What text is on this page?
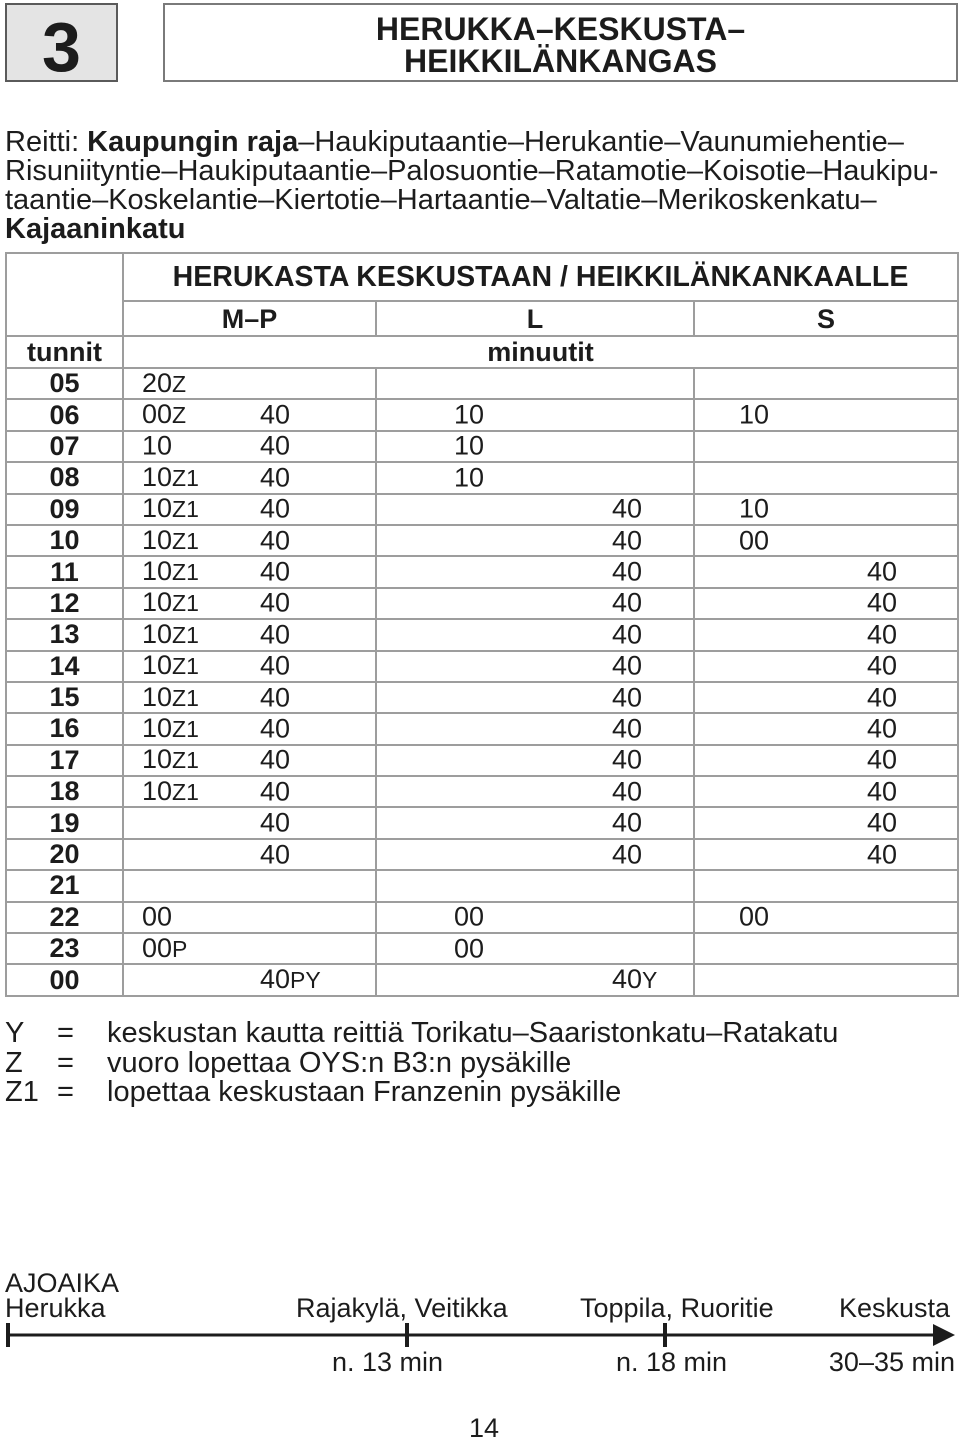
3	HERUKKA–KESKUSTA–
HEIKKILÄNKANGAS
Reitti: Kaupungin raja–Haukiputaantie–Herukantie–Vaunumiehentie–
Risuniityntie–Haukiputaantie–Palosuontie–Ratamotie–Koisotie–Haukipu-
taantie–Koskelantie–Kiertotie–Hartaantie–Valtatie–Merikoskenkatu–
Kajaaninkatu
	HERUKASTA KESKUSTAAN / HEIKKILÄNKANKAALLE		
	M–P	L	S
tunnit	minuutit		
05	20Z		

06	00Z 40	10	10

07	10 40	10	

08	10Z1 40	10	

09	10Z1 40	40	10

10	10Z1 40	40	00

11	10Z1 40	40	40

12	10Z1 40	40	40

13	10Z1 40	40	40

14	10Z1 40	40	40

15	10Z1 40	40	40

16	10Z1 40	40	40

17	10Z1 40	40	40

18	10Z1 40	40	40

19	40	40	40

20	40	40	40

21			
22	00	00	00

23	00P	00	

00	40PY	40Y	

Y	=	keskustan kautta reittiä Torikatu–Saaristonkatu–Ratakatu
Z	=	vuoro lopettaa OYS:n B3:n pysäkille
Z1 =	lopettaa keskustaan Franzenin pysäkille
AJOAIKA
Herukka	Rajakylä, Veitikka	Toppila, Ruoritie Keskusta
n. 13 min	n. 18 min	30–35 min
14
